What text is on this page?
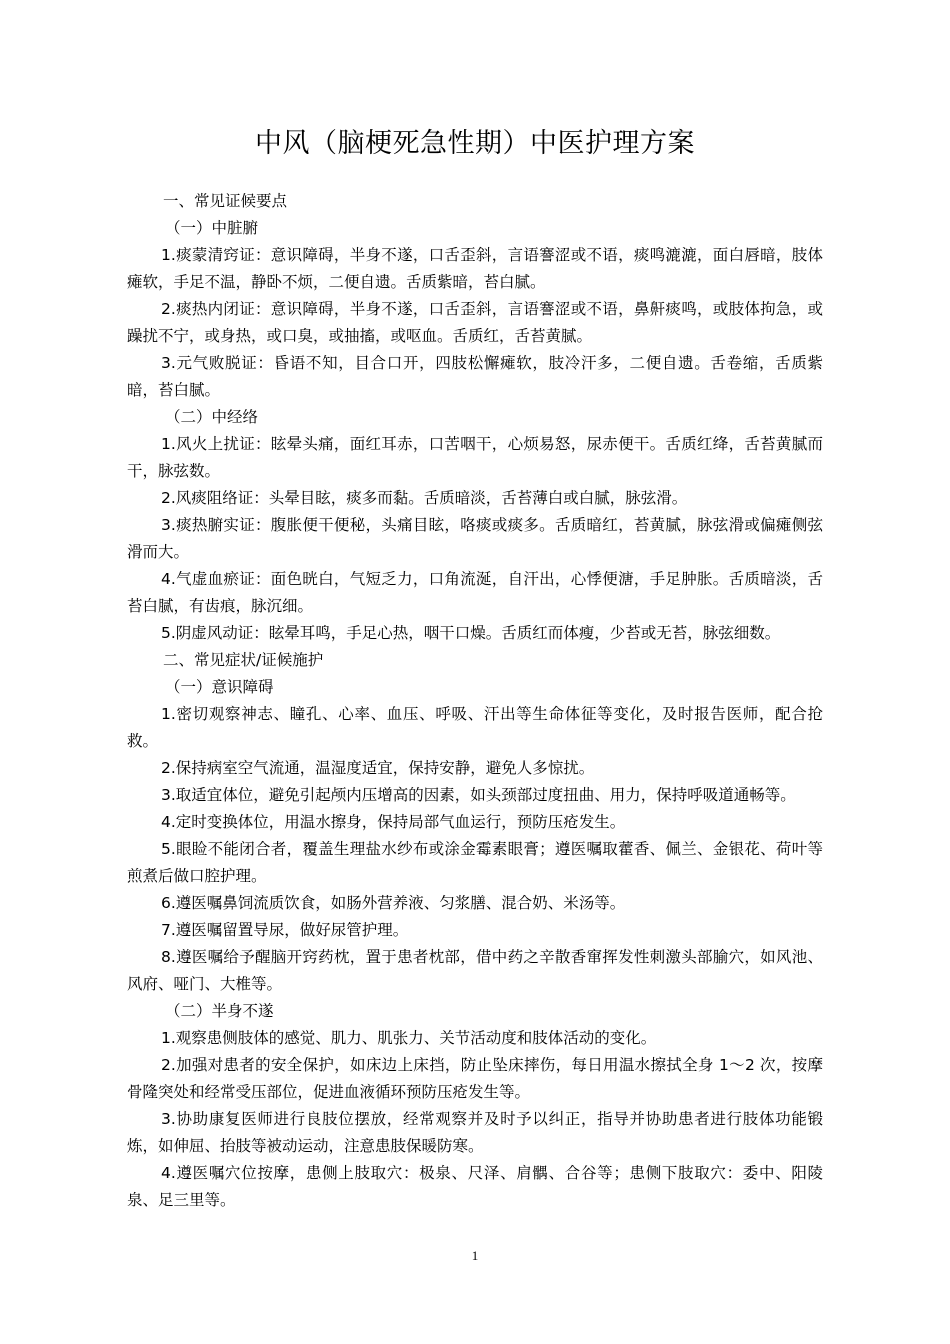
中风（脑梗死急性期）中医护理方案
一、常见证候要点
（一）中脏腑
1.痰蒙清窍证：意识障碍，半身不遂，口舌歪斜，言语謇涩或不语，痰鸣漉漉，面白唇暗，肢体瘫软，手足不温，静卧不烦，二便自遗。舌质紫暗，苔白腻。
2.痰热内闭证：意识障碍，半身不遂，口舌歪斜，言语謇涩或不语，鼻鼾痰鸣，或肢体拘急，或躁扰不宁，或身热，或口臭，或抽搐，或呕血。舌质红，舌苔黄腻。
3.元气败脱证：昏语不知，目合口开，四肢松懈瘫软，肢冷汗多，二便自遗。舌卷缩，舌质紫暗，苔白腻。
（二）中经络
1.风火上扰证：眩晕头痛，面红耳赤，口苦咽干，心烦易怒，尿赤便干。舌质红绛，舌苔黄腻而干，脉弦数。
2.风痰阻络证：头晕目眩，痰多而黏。舌质暗淡，舌苔薄白或白腻，脉弦滑。
3.痰热腑实证：腹胀便干便秘，头痛目眩，咯痰或痰多。舌质暗红，苔黄腻，脉弦滑或偏瘫侧弦滑而大。
4.气虚血瘀证：面色晄白，气短乏力，口角流涎，自汗出，心悸便溏，手足肿胀。舌质暗淡，舌苔白腻，有齿痕，脉沉细。
5.阴虚风动证：眩晕耳鸣，手足心热，咽干口燥。舌质红而体瘦，少苔或无苔，脉弦细数。
二、常见症状/证候施护
（一）意识障碍
1.密切观察神志、瞳孔、心率、血压、呼吸、汗出等生命体征等变化，及时报告医师，配合抢救。
2.保持病室空气流通，温湿度适宜，保持安静，避免人多惊扰。
3.取适宜体位，避免引起颅内压增高的因素，如头颈部过度扭曲、用力，保持呼吸道通畅等。
4.定时变换体位，用温水擦身，保持局部气血运行，预防压疮发生。
5.眼睑不能闭合者，覆盖生理盐水纱布或涂金霉素眼膏；遵医嘱取藿香、佩兰、金银花、荷叶等煎煮后做口腔护理。
6.遵医嘱鼻饲流质饮食，如肠外营养液、匀浆膳、混合奶、米汤等。
7.遵医嘱留置导尿，做好尿管护理。
8.遵医嘱给予醒脑开窍药枕，置于患者枕部，借中药之辛散香窜挥发性刺激头部腧穴，如风池、风府、哑门、大椎等。
（二）半身不遂
1.观察患侧肢体的感觉、肌力、肌张力、关节活动度和肢体活动的变化。
2.加强对患者的安全保护，如床边上床挡，防止坠床摔伤，每日用温水擦拭全身 1～2 次，按摩骨隆突处和经常受压部位，促进血液循环预防压疮发生等。
3.协助康复医师进行良肢位摆放，经常观察并及时予以纠正，指导并协助患者进行肢体功能锻炼，如伸屈、抬肢等被动运动，注意患肢保暖防寒。
4.遵医嘱穴位按摩，患侧上肢取穴：极泉、尺泽、肩髃、合谷等；患侧下肢取穴：委中、阳陵泉、足三里等。
1
